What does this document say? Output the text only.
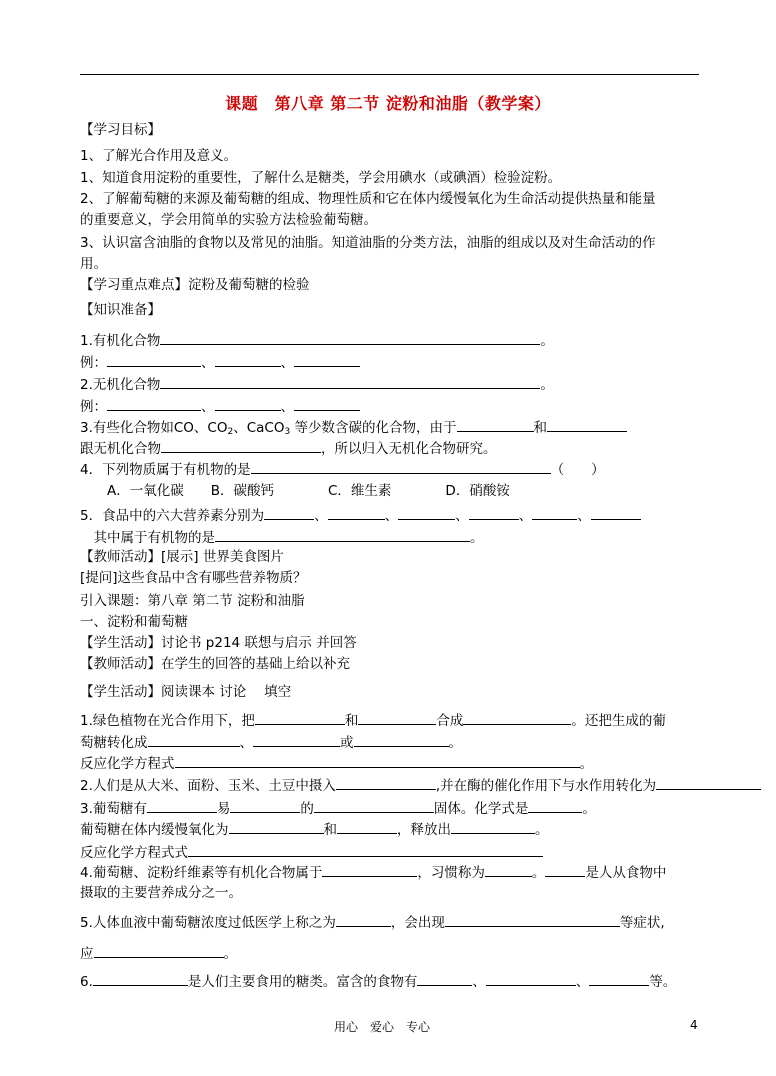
课题　第八章 第二节 淀粉和油脂（教学案）
【学习目标】
1、了解光合作用及意义。
1、知道食用淀粉的重要性，了解什么是糖类，学会用碘水（或碘酒）检验淀粉。
2、了解葡萄糖的来源及葡萄糖的组成、物理性质和它在体内缓慢氧化为生命活动提供热量和能量
的重要意义，学会用简单的实验方法检验葡萄糖。
3、认识富含油脂的食物以及常见的油脂。知道油脂的分类方法，油脂的组成以及对生命活动的作
用。
【学习重点难点】淀粉及葡萄糖的检验
【知识准备】
1.有机化合物	。
例：	、	、
2.无机化合物	。
例：	、	、
3.有些化合物如CO、$CO_2$、CaCO$_3$ 等少数含碳的化合物，由于	和
跟无机化合物	，所以归入无机化合物研究。
4．下列物质属于有机物的是	（　　）
　　A．一氧化碳　　B．碳酸钙　　　　C．维生素　　　　D．硝酸铵
5．食品中的六大营养素分别为	、	、	、	、	、
　其中属于有机物的是	。
【教师活动】[展示] 世界美食图片
[提问]这些食品中含有哪些营养物质？
引入课题：第八章 第二节 淀粉和油脂
一、淀粉和葡萄糖
【学生活动】讨论书 p214 联想与启示 并回答
【教师活动】在学生的回答的基础上给以补充
【学生活动】阅读课本 讨论　 填空
1.绿色植物在光合作用下，把	和	合成	。还把生成的葡
萄糖转化成	、	或	。
反应化学方程式	。
2.人们是从大米、面粉、玉米、土豆中摄入	,并在酶的催化作用下与水作用转化为
3.葡萄糖有	易	的	固体。化学式是	。
葡萄糖在体内缓慢氧化为	和	，释放出	。
反应化学方程式式
4.葡萄糖、淀粉纤维素等有机化合物属于	，习惯称为	。	是人从食物中
摄取的主要营养成分之一。
5.人体血液中葡萄糖浓度过低医学上称之为	，会出现	等症状,
应	。
6.	是人们主要食用的糖类。富含的食物有	、	、	等。
用心　爱心　专心	4
